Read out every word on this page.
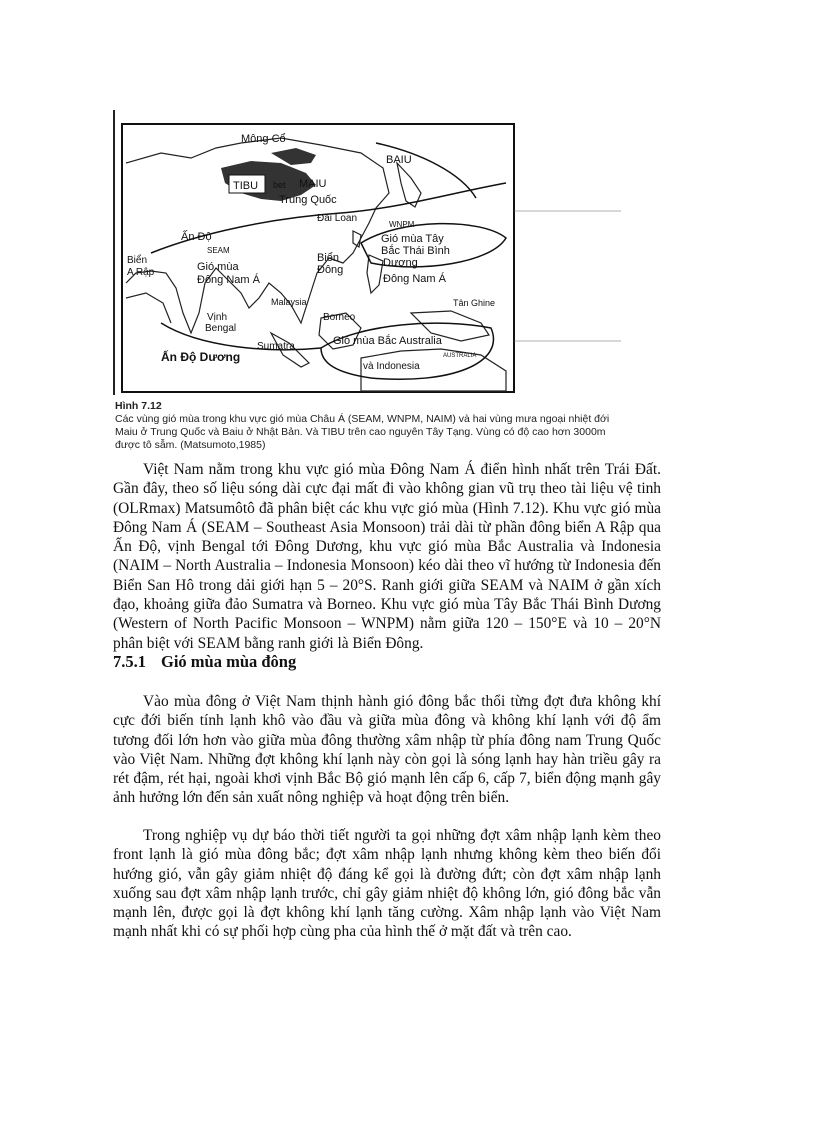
Mông Cổ
BAIU
TIBU bet MAIU
Trung Quốc
Đài Loan
WNPM
Gió mùa Tây
Bắc Thái Bình
Dương
Ấn Độ
SEAM
Biển
A Rập	Gió mùa
Đông Nam Á
Biển
Đông
Đông Nam Á
Malaysia	Tân Ghine
Vịnh
Bengal
Borneo
Sumatra	Gió mùa Bắc Australia
AUSTRALIA
và Indonesia
Ấn Độ Dương
Hình 7.12
Các vùng gió mùa trong khu vực gió mùa Châu Á (SEAM, WNPM, NAIM) và hai vùng mưa ngoại nhiệt đới Maiu ở Trung Quốc và Baiu ở Nhật Bản. Và TIBU trên cao nguyên Tây Tạng. Vùng có độ cao hơn 3000m được tô sẫm. (Matsumoto,1985)

Việt Nam nằm trong khu vực gió mùa Đông Nam Á điển hình nhất trên Trái Đất. Gần đây, theo số liệu sóng dài cực đại mất đi vào không gian vũ trụ theo tài liệu vệ tinh (OLRmax) Matsumôtô đã phân biệt các khu vực gió mùa (Hình 7.12). Khu vực gió mùa Đông Nam Á (SEAM – Southeast Asia Monsoon) trải dài từ phần đông biển A Rập qua Ấn Độ, vịnh Bengal tới Đông Dương, khu vực gió mùa Bắc Australia và Indonesia (NAIM – North Australia – Indonesia Monsoon) kéo dài theo vĩ hướng từ Indonesia đến Biển San Hô trong dải giới hạn 5 – 20°S. Ranh giới giữa SEAM và NAIM ở gần xích đạo, khoảng giữa đảo Sumatra và Borneo. Khu vực gió mùa Tây Bắc Thái Bình Dương (Western of North Pacific Monsoon – WNPM) nằm giữa 120 – 150°E và 10 – 20°N phân biệt với SEAM bằng ranh giới là Biển Đông.

7.5.1 Gió mùa mùa đông

Vào mùa đông ở Việt Nam thịnh hành gió đông bắc thổi từng đợt đưa không khí cực đới biến tính lạnh khô vào đầu và giữa mùa đông và không khí lạnh với độ ẩm tương đối lớn hơn vào giữa mùa đông thường xâm nhập từ phía đông nam Trung Quốc vào Việt Nam. Những đợt không khí lạnh này còn gọi là sóng lạnh hay hàn triều gây ra rét đậm, rét hại, ngoài khơi vịnh Bắc Bộ gió mạnh lên cấp 6, cấp 7, biển động mạnh gây ảnh hưởng lớn đến sản xuất nông nghiệp và hoạt động trên biển.

Trong nghiệp vụ dự báo thời tiết người ta gọi những đợt xâm nhập lạnh kèm theo front lạnh là gió mùa đông bắc; đợt xâm nhập lạnh nhưng không kèm theo biến đổi hướng gió, vẫn gây giảm nhiệt độ đáng kể gọi là đường đứt; còn đợt xâm nhập lạnh xuống sau đợt xâm nhập lạnh trước, chỉ gây giảm nhiệt độ không lớn, gió đông bắc vẫn mạnh lên, được gọi là đợt không khí lạnh tăng cường. Xâm nhập lạnh vào Việt Nam mạnh nhất khi có sự phối hợp cùng pha của hình thế ở mặt đất và trên cao.
